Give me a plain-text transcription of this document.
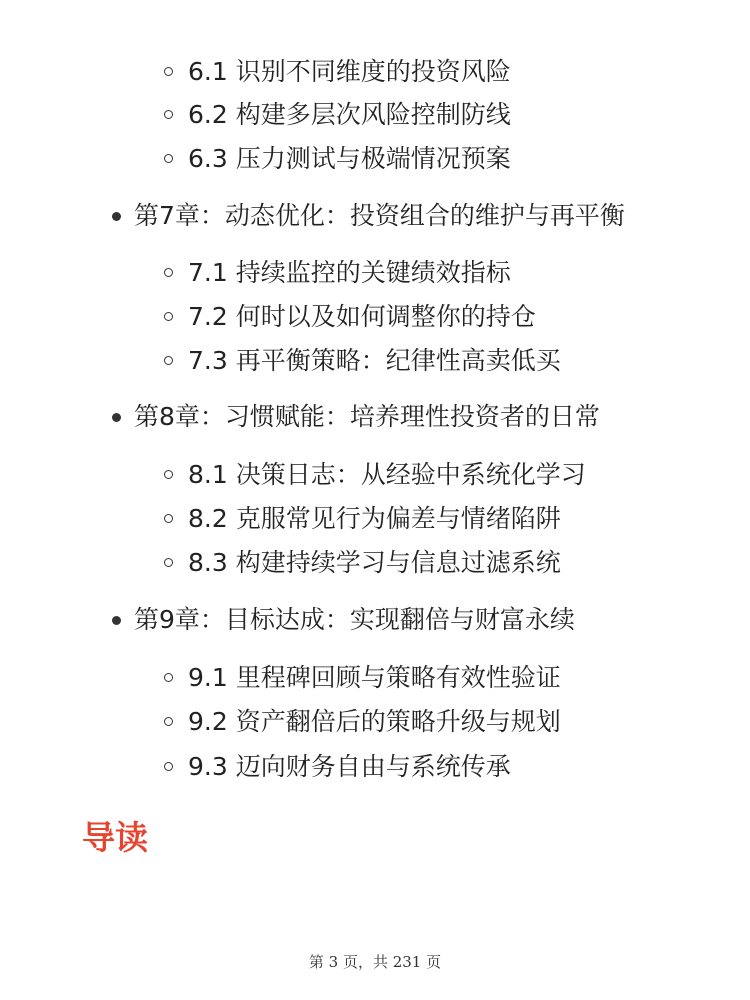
6.1 识别不同维度的投资风险
6.2 构建多层次风险控制防线
6.3 压力测试与极端情况预案
第7章：动态优化：投资组合的维护与再平衡
7.1 持续监控的关键绩效指标
7.2 何时以及如何调整你的持仓
7.3 再平衡策略：纪律性高卖低买
第8章：习惯赋能：培养理性投资者的日常
8.1 决策日志：从经验中系统化学习
8.2 克服常见行为偏差与情绪陷阱
8.3 构建持续学习与信息过滤系统
第9章：目标达成：实现翻倍与财富永续
9.1 里程碑回顾与策略有效性验证
9.2 资产翻倍后的策略升级与规划
9.3 迈向财务自由与系统传承
导读
第 3 页，共 231 页
